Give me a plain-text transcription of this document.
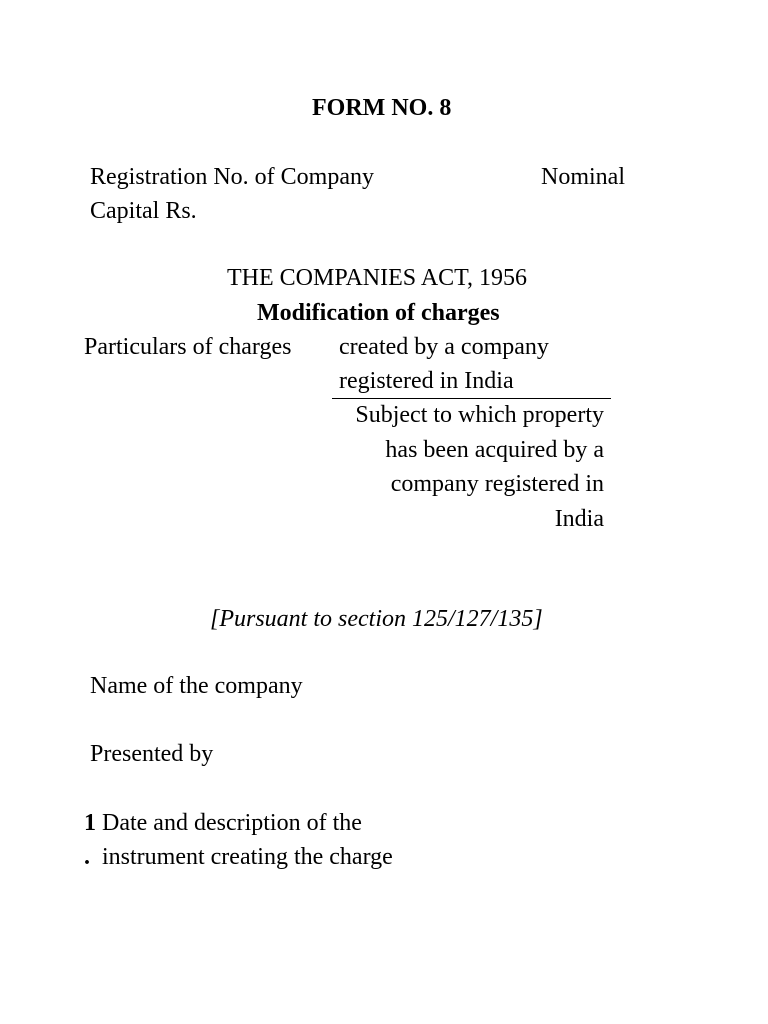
FORM NO. 8
Registration No. of Company	Nominal
Capital Rs.
THE COMPANIES ACT, 1956
Modification of charges
Particulars of charges created by a company
registered in India
Subject to which property
has been acquired by a
company registered in
India
[Pursuant to section 125/127/135]
Name of the company
Presented by
1 Date and description of the
. instrument creating the charge
